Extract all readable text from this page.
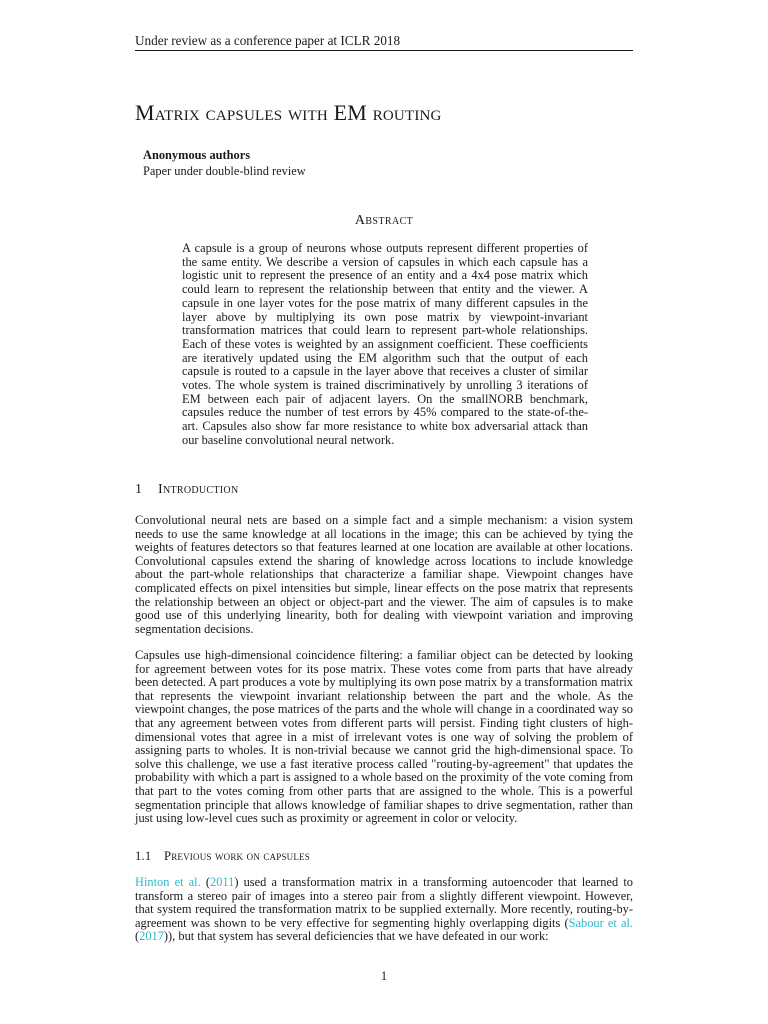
Under review as a conference paper at ICLR 2018
Matrix capsules with EM routing
Anonymous authors
Paper under double-blind review
Abstract
A capsule is a group of neurons whose outputs represent different properties of the same entity. We describe a version of capsules in which each capsule has a logistic unit to represent the presence of an entity and a 4x4 pose matrix which could learn to represent the relationship between that entity and the viewer. A capsule in one layer votes for the pose matrix of many different capsules in the layer above by multiplying its own pose matrix by viewpoint-invariant transformation matrices that could learn to represent part-whole relationships. Each of these votes is weighted by an assignment coefficient. These coefficients are iteratively updated using the EM algorithm such that the output of each capsule is routed to a capsule in the layer above that receives a cluster of similar votes. The whole system is trained discriminatively by unrolling 3 iterations of EM between each pair of adjacent layers. On the smallNORB benchmark, capsules reduce the number of test errors by 45% compared to the state-of-the-art. Capsules also show far more resistance to white box adversarial attack than our baseline convolutional neural network.
1 Introduction
Convolutional neural nets are based on a simple fact and a simple mechanism: a vision system needs to use the same knowledge at all locations in the image; this can be achieved by tying the weights of features detectors so that features learned at one location are available at other locations. Convolutional capsules extend the sharing of knowledge across locations to include knowledge about the part-whole relationships that characterize a familiar shape. Viewpoint changes have complicated effects on pixel intensities but simple, linear effects on the pose matrix that represents the relationship between an object or object-part and the viewer. The aim of capsules is to make good use of this underlying linearity, both for dealing with viewpoint variation and improving segmentation decisions.
Capsules use high-dimensional coincidence filtering: a familiar object can be detected by looking for agreement between votes for its pose matrix. These votes come from parts that have already been detected. A part produces a vote by multiplying its own pose matrix by a transformation matrix that represents the viewpoint invariant relationship between the part and the whole. As the viewpoint changes, the pose matrices of the parts and the whole will change in a coordinated way so that any agreement between votes from different parts will persist. Finding tight clusters of high-dimensional votes that agree in a mist of irrelevant votes is one way of solving the problem of assigning parts to wholes. It is non-trivial because we cannot grid the high-dimensional space. To solve this challenge, we use a fast iterative process called "routing-by-agreement" that updates the probability with which a part is assigned to a whole based on the proximity of the vote coming from that part to the votes coming from other parts that are assigned to the whole. This is a powerful segmentation principle that allows knowledge of familiar shapes to drive segmentation, rather than just using low-level cues such as proximity or agreement in color or velocity.
1.1 Previous work on capsules
Hinton et al. (2011) used a transformation matrix in a transforming autoencoder that learned to transform a stereo pair of images into a stereo pair from a slightly different viewpoint. However, that system required the transformation matrix to be supplied externally. More recently, routing-by-agreement was shown to be very effective for segmenting highly overlapping digits (Sabour et al. (2017)), but that system has several deficiencies that we have defeated in our work:
1
